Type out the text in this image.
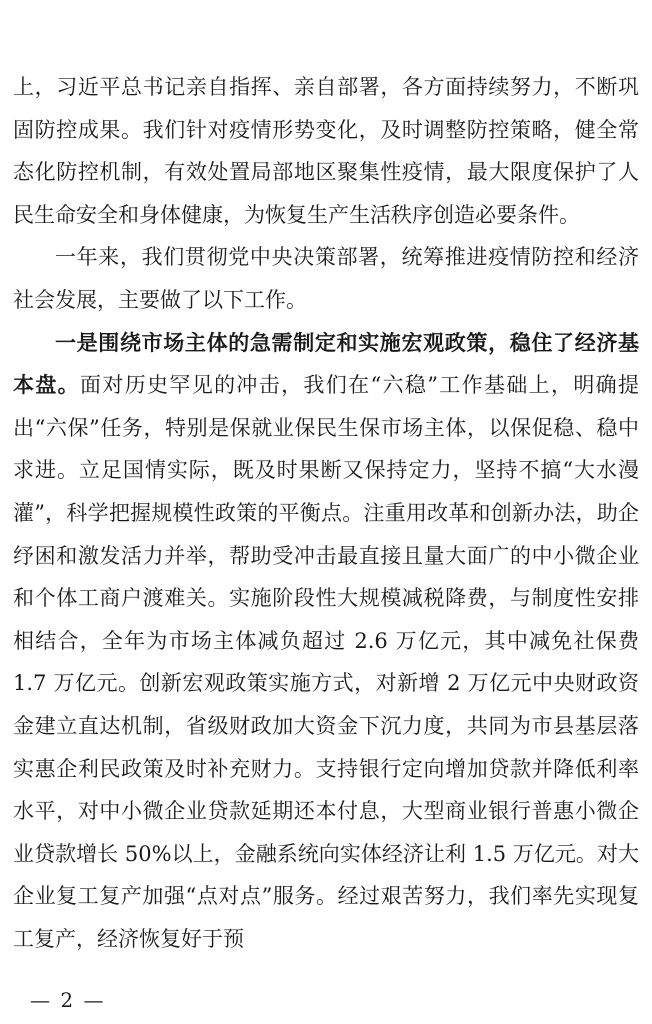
上，习近平总书记亲自指挥、亲自部署，各方面持续努力，不断巩固防控成果。我们针对疫情形势变化，及时调整防控策略，健全常态化防控机制，有效处置局部地区聚集性疫情，最大限度保护了人民生命安全和身体健康，为恢复生产生活秩序创造必要条件。

一年来，我们贯彻党中央决策部署，统筹推进疫情防控和经济社会发展，主要做了以下工作。

一是围绕市场主体的急需制定和实施宏观政策，稳住了经济基本盘。面对历史罕见的冲击，我们在“六稳”工作基础上，明确提出“六保”任务，特别是保就业保民生保市场主体，以保促稳、稳中求进。立足国情实际，既及时果断又保持定力，坚持不搞“大水漫灌”，科学把握规模性政策的平衡点。注重用改革和创新办法，助企纾困和激发活力并举，帮助受冲击最直接且量大面广的中小微企业和个体工商户渡难关。实施阶段性大规模减税降费，与制度性安排相结合，全年为市场主体减负超过 2.6 万亿元，其中减免社保费 1.7 万亿元。创新宏观政策实施方式，对新增 2 万亿元中央财政资金建立直达机制，省级财政加大资金下沉力度，共同为市县基层落实惠企利民政策及时补充财力。支持银行定向增加贷款并降低利率水平，对中小微企业贷款延期还本付息，大型商业银行普惠小微企业贷款增长 50%以上，金融系统向实体经济让利 1.5 万亿元。对大企业复工复产加强“点对点”服务。经过艰苦努力，我们率先实现复工复产，经济恢复好于预

— 2 —
